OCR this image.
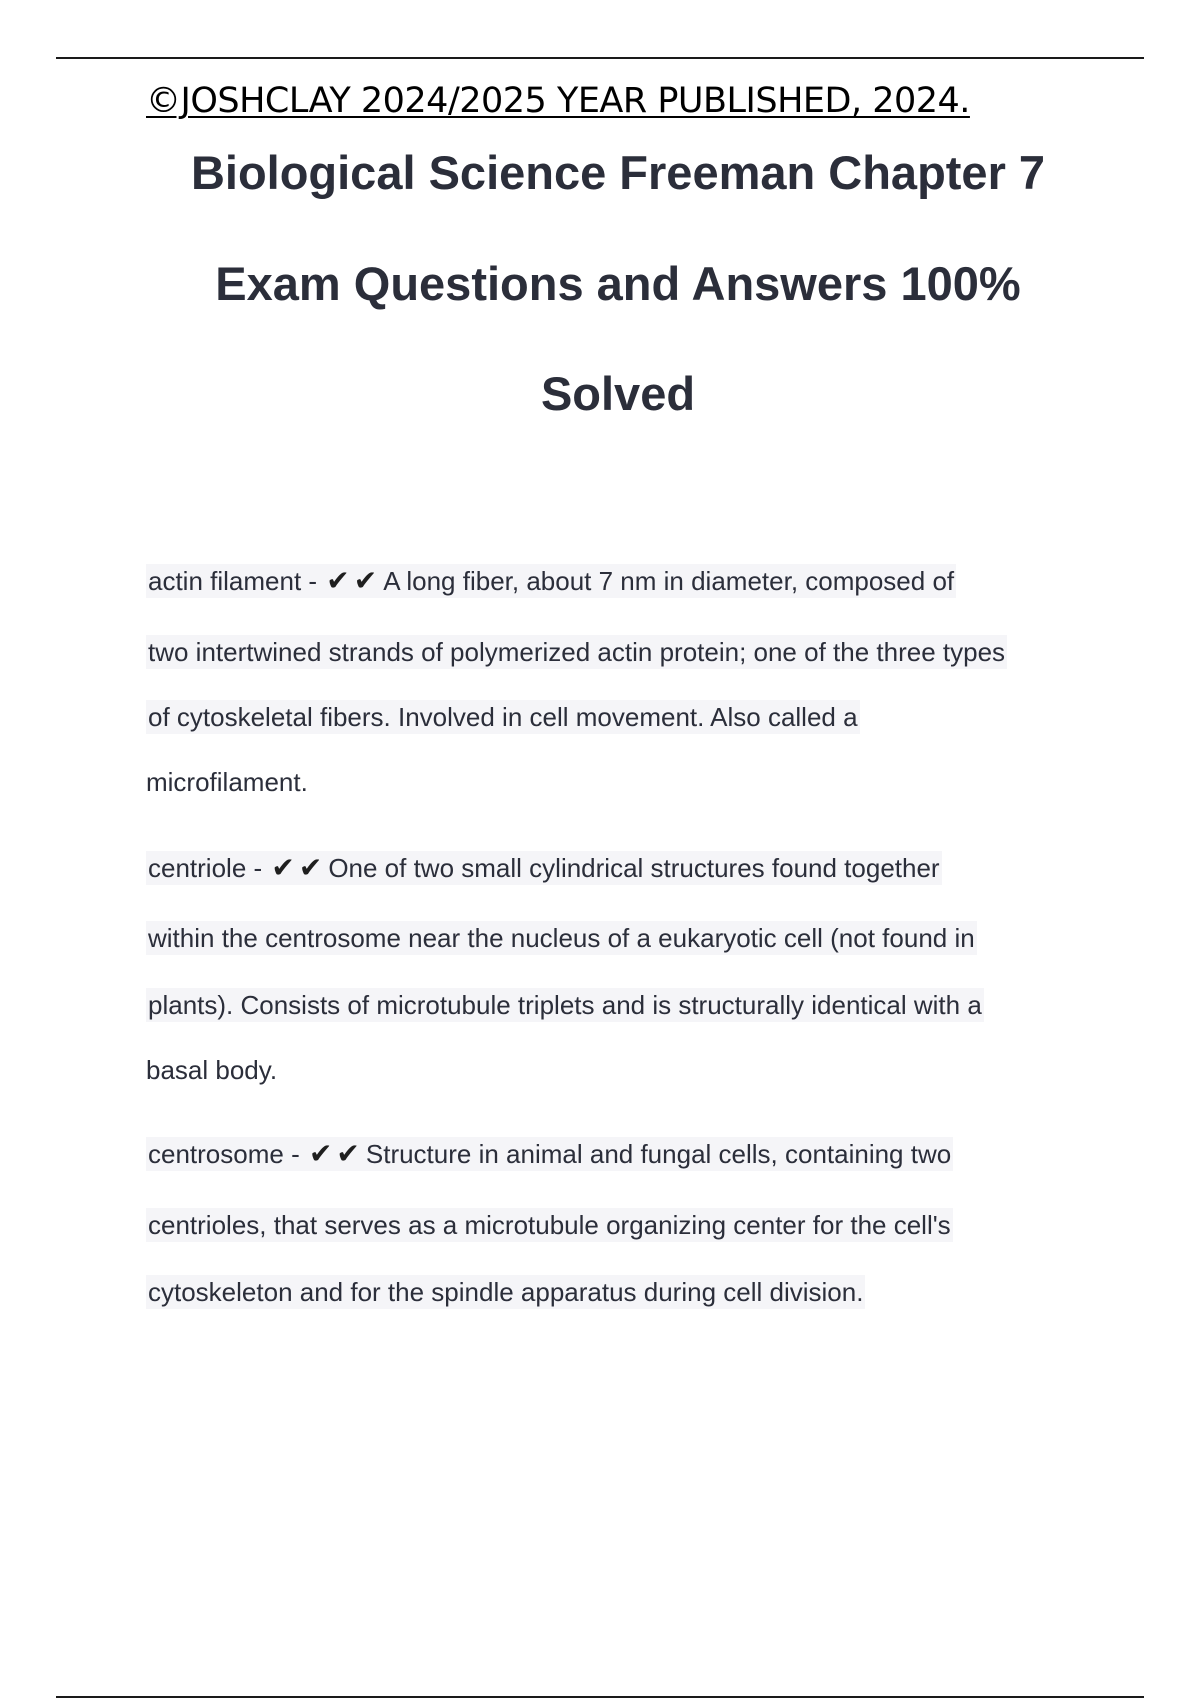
©JOSHCLAY 2024/2025 YEAR PUBLISHED, 2024.
Biological Science Freeman Chapter 7
Exam Questions and Answers 100%
Solved
actin filament - ✔✔A long fiber, about 7 nm in diameter, composed of
two intertwined strands of polymerized actin protein; one of the three types
of cytoskeletal fibers. Involved in cell movement. Also called a
microfilament.
centriole - ✔✔One of two small cylindrical structures found together
within the centrosome near the nucleus of a eukaryotic cell (not found in
plants). Consists of microtubule triplets and is structurally identical with a
basal body.
centrosome - ✔✔Structure in animal and fungal cells, containing two
centrioles, that serves as a microtubule organizing center for the cell's
cytoskeleton and for the spindle apparatus during cell division.
